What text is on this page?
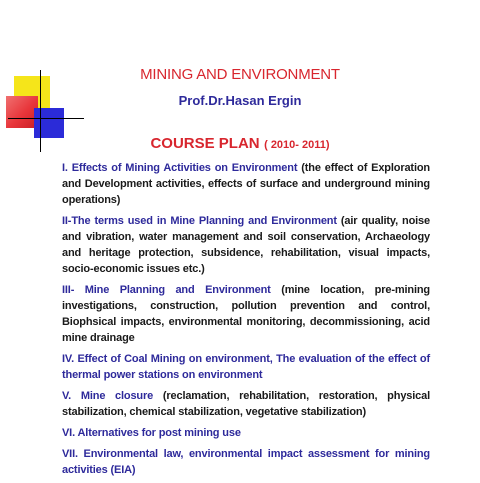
MINING AND ENVIRONMENT
Prof.Dr.Hasan Ergin
COURSE PLAN ( 2010- 2011)
I. Effects of Mining Activities on Environment (the effect of Exploration and Development activities, effects of surface and underground mining operations)
II-The terms used in Mine Planning and Environment (air quality, noise and vibration, water management and soil conservation, Archaeology and heritage protection, subsidence, rehabilitation, visual impacts, socio-economic issues etc.)
III- Mine Planning and Environment (mine location, pre-mining investigations, construction, pollution prevention and control, Biophsical impacts, environmental monitoring, decommissioning, acid mine drainage
IV. Effect of Coal Mining on environment, The evaluation of the effect of thermal power stations on environment
V. Mine closure (reclamation, rehabilitation, restoration, physical stabilization, chemical stabilization, vegetative stabilization)
VI. Alternatives for post mining use
VII. Environmental law, environmental impact assessment for mining activities (EIA)
